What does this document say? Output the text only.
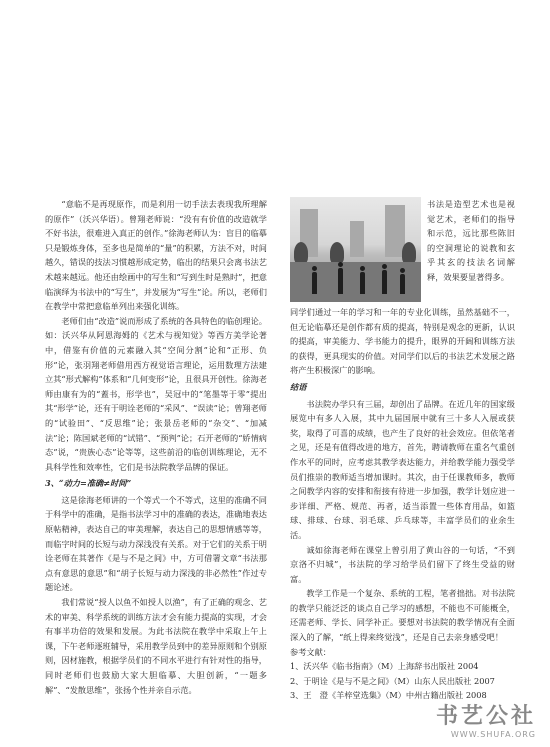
“意临不是再现原作，而是利用一切手法去表现我所理解的原作”（沃兴华语）。曾翔老师说：“没有有价值的改造就学不好书法，很难进入真正的创作。”徐海老师认为：盲目的临摹只是锻炼身体，至多也是简单的“量”的积累，方法不对，时间越久，错误的技法习惯越形成定势，临出的结果只会离书法艺术越来越远。他还由绘画中的写生和“写到生时是熟时”，把意临演绎为书法中的“写生”，并发展为“写生”论。所以，老师们在教学中常把意临单列出来强化训练。

老师们由“改造”说而形成了系统的各具特色的临创理论。如：沃兴华从阿恩海姆的《艺术与视知觉》等西方美学论著中，借鉴有价值的元素融入其“空间分割”论和“正形、负形”论，张羽翔老师借用西方视觉语言理论，运用数理方法建立其“形式解构”体系和“几何变形”论，且很具开创性。徐海老师由康有为的“蓋书，形学也”，吴冠中的“笔墨等于零”提出其“形学”论，还有于明诠老师的“采风”、“误读”论；曾翔老师的“试验田”、“反思维”论；张景岳老师的“杂交”、“加减法”论；陈国斌老师的“试错”、“预判”论；石开老师的“娇情病态”说，“贵族心态”论等等，这些前沿的临创训练理论，无不具科学性和效率性，它们是书法院教学品牌的保证。

3、“动力=准确≠时间”

这是徐海老师讲的一个等式一个不等式，这里的准确不同于科学中的准确，是指书法学习中的准确的表达，准确地表达原帖精神，表达自己的审美理解，表达自己的思想情感等等，而临字时间的长短与动力深浅没有关系。对于它们的关系于明诠老师在其著作《是与不是之间》中，方可借署文章“书法那点有意思的意思”和“胡子长短与动力深浅的非必然性”作过专题论述。

我们常说“授人以鱼不如授人以渔”，有了正确的观念、艺术的审美、科学系统的训练方法才会有能力提高的实现，才会有事半功倍的效果和发展。为此书法院在教学中采取上午上课，下午老师逐班辅导，采用教学员到中的差异原则和个别原则，因材施教，根据学员们的不同水平进行有针对性的指导，同时老师们也鼓励大家大胆临摹、大胆创新，“一题多解”、“发散思维”，张扬个性并亲自示范。

书法是造型艺术也是视觉艺术，老师们的指导和示范，远比那些陈旧的空洞理论的说教和玄乎其玄的技法名词解释，效果要显著得多。

同学们通过一年的学习和一年的专业化训练，虽然基础不一，但无论临摹还是创作都有质的提高，特别是观念的更新，认识的提高，审美能力、学书能力的提升，眼界的开阔和训练方法的获得，更具现实的价值。对同学们以后的书法艺术发展之路将产生积极深广的影响。

结语

书法院办学只有三届，却创出了品牌。在近几年的国家级展览中有多人入展，其中九届国展中就有三十多人入展或获奖，取得了可喜的成绩，也产生了良好的社会效应。但依笔者之见，还是有值得改进的地方，首先，聘请教师在重名气重创作水平的同时，应考虑其教学表达能力，并给教学能力强受学员们推崇的教师适当增加课时。其次，由于任课教师多，教师之间教学内容的安排和衔接有待进一步加强，教学计划应进一步详细、严格、规范、再者，适当添置一些体育用品，如篮球、排球、台球、羽毛球、乒乓球等，丰富学员们的业余生活。

诚如徐海老师在课堂上曾引用了黄山谷的一句话，“不到京洛不归城”，书法院的学习给学员们留下了终生受益的财富。

教学工作是一个复杂、系统的工程，笔者拙拙。对书法院的教学只能泛泛的谈点自己学习的感想，不能也不可能概全，还需老师、学长、同学补正。要想对书法院的教学情况有全面深入的了解，“纸上得来终觉浅”，还是自己去亲身感受吧！

参考文献：

1、沃兴华《临书指南》（M）上海辞书出版社 2004

2、于明诠《是与不是之间》（M）山东人民出版社 2007

3、王　澄《羊梓堂选集》（M）中州古籍出版社 2008

书艺公社
WWW.SHUFA.ORG
